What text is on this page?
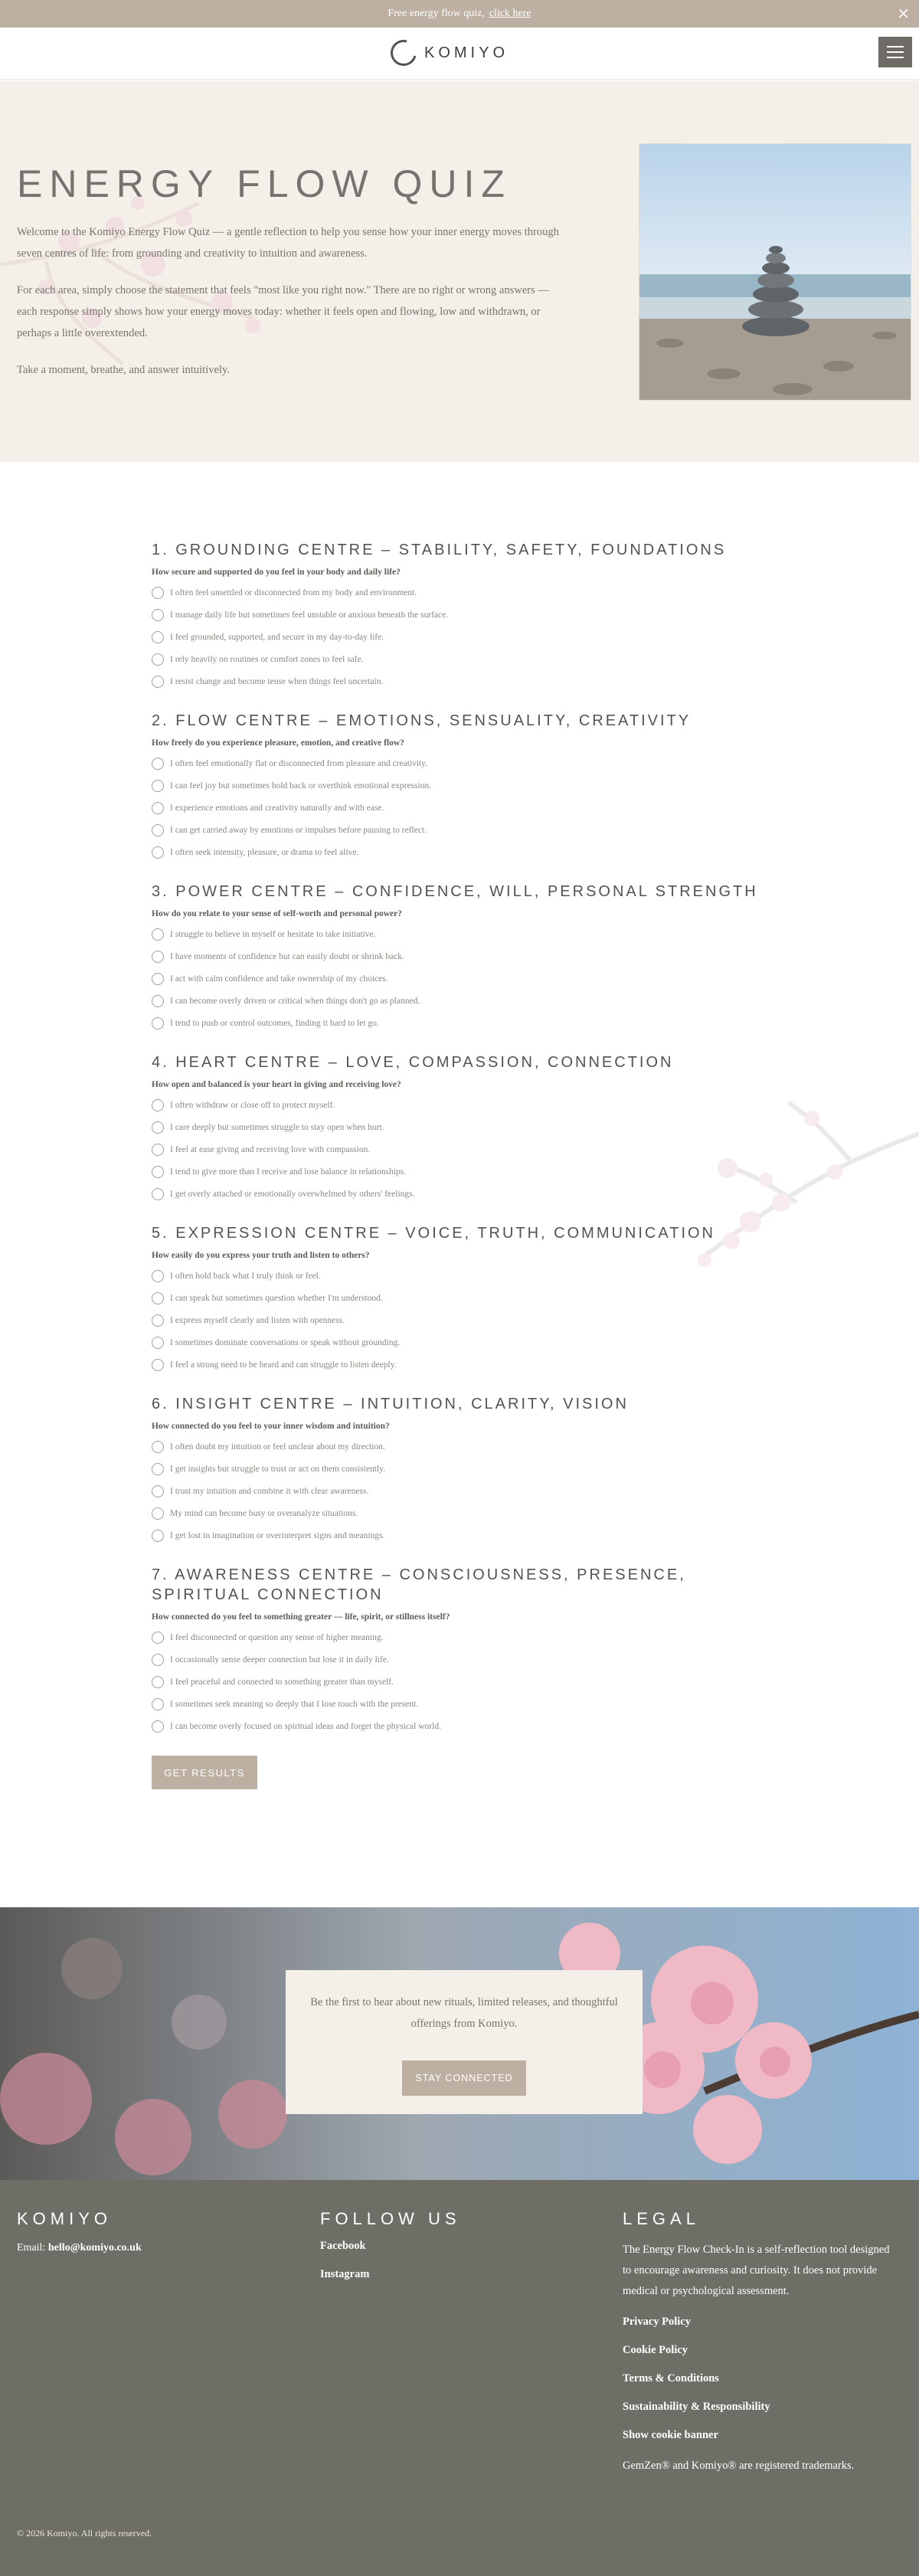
Free energy flow quiz, click here	×
KOMIYO
ENERGY FLOW QUIZ

Welcome to the Komiyo Energy Flow Quiz — a gentle reflection to help you sense how your inner energy moves through seven centres of life: from grounding and creativity to intuition and awareness.

For each area, simply choose the statement that feels "most like you right now." There are no right or wrong answers — each response simply shows how your energy moves today: whether it feels open and flowing, low and withdrawn, or perhaps a little overextended.

Take a moment, breathe, and answer intuitively.

1. GROUNDING CENTRE – STABILITY, SAFETY, FOUNDATIONS
How secure and supported do you feel in your body and daily life?
I often feel unsettled or disconnected from my body and environment.
I manage daily life but sometimes feel unstable or anxious beneath the surface.
I feel grounded, supported, and secure in my day-to-day life.
I rely heavily on routines or comfort zones to feel safe.
I resist change and become tense when things feel uncertain.
2. FLOW CENTRE – EMOTIONS, SENSUALITY, CREATIVITY
How freely do you experience pleasure, emotion, and creative flow?
I often feel emotionally flat or disconnected from pleasure and creativity.
I can feel joy but sometimes hold back or overthink emotional expression.
I experience emotions and creativity naturally and with ease.
I can get carried away by emotions or impulses before pausing to reflect.
I often seek intensity, pleasure, or drama to feel alive.
3. POWER CENTRE – CONFIDENCE, WILL, PERSONAL STRENGTH
How do you relate to your sense of self-worth and personal power?
I struggle to believe in myself or hesitate to take initiative.
I have moments of confidence but can easily doubt or shrink back.
I act with calm confidence and take ownership of my choices.
I can become overly driven or critical when things don't go as planned.
I tend to push or control outcomes, finding it hard to let go.
4. HEART CENTRE – LOVE, COMPASSION, CONNECTION
How open and balanced is your heart in giving and receiving love?
I often withdraw or close off to protect myself.
I care deeply but sometimes struggle to stay open when hurt.
I feel at ease giving and receiving love with compassion.
I tend to give more than I receive and lose balance in relationships.
I get overly attached or emotionally overwhelmed by others' feelings.
5. EXPRESSION CENTRE – VOICE, TRUTH, COMMUNICATION
How easily do you express your truth and listen to others?
I often hold back what I truly think or feel.
I can speak but sometimes question whether I'm understood.
I express myself clearly and listen with openness.
I sometimes dominate conversations or speak without grounding.
I feel a strong need to be heard and can struggle to listen deeply.
6. INSIGHT CENTRE – INTUITION, CLARITY, VISION
How connected do you feel to your inner wisdom and intuition?
I often doubt my intuition or feel unclear about my direction.
I get insights but struggle to trust or act on them consistently.
I trust my intuition and combine it with clear awareness.
My mind can become busy or overanalyze situations.
I get lost in imagination or overinterpret signs and meanings.
7. AWARENESS CENTRE – CONSCIOUSNESS, PRESENCE, SPIRITUAL CONNECTION
How connected do you feel to something greater — life, spirit, or stillness itself?
I feel disconnected or question any sense of higher meaning.
I occasionally sense deeper connection but lose it in daily life.
I feel peaceful and connected to something greater than myself.
I sometimes seek meaning so deeply that I lose touch with the present.
I can become overly focused on spiritual ideas and forget the physical world.
GET RESULTS

Be the first to hear about new rituals, limited releases, and thoughtful offerings from Komiyo.

STAY CONNECTED
KOMIYO
Email: hello@komiyo.co.uk
FOLLOW US
Facebook
Instagram
LEGAL
The Energy Flow Check-In is a self-reflection tool designed to encourage awareness and curiosity. It does not provide medical or psychological assessment.
Privacy Policy
Cookie Policy
Terms & Conditions
Sustainability & Responsibility
Show cookie banner
GemZen® and Komiyo® are registered trademarks.
© 2026 Komiyo. All rights reserved.
